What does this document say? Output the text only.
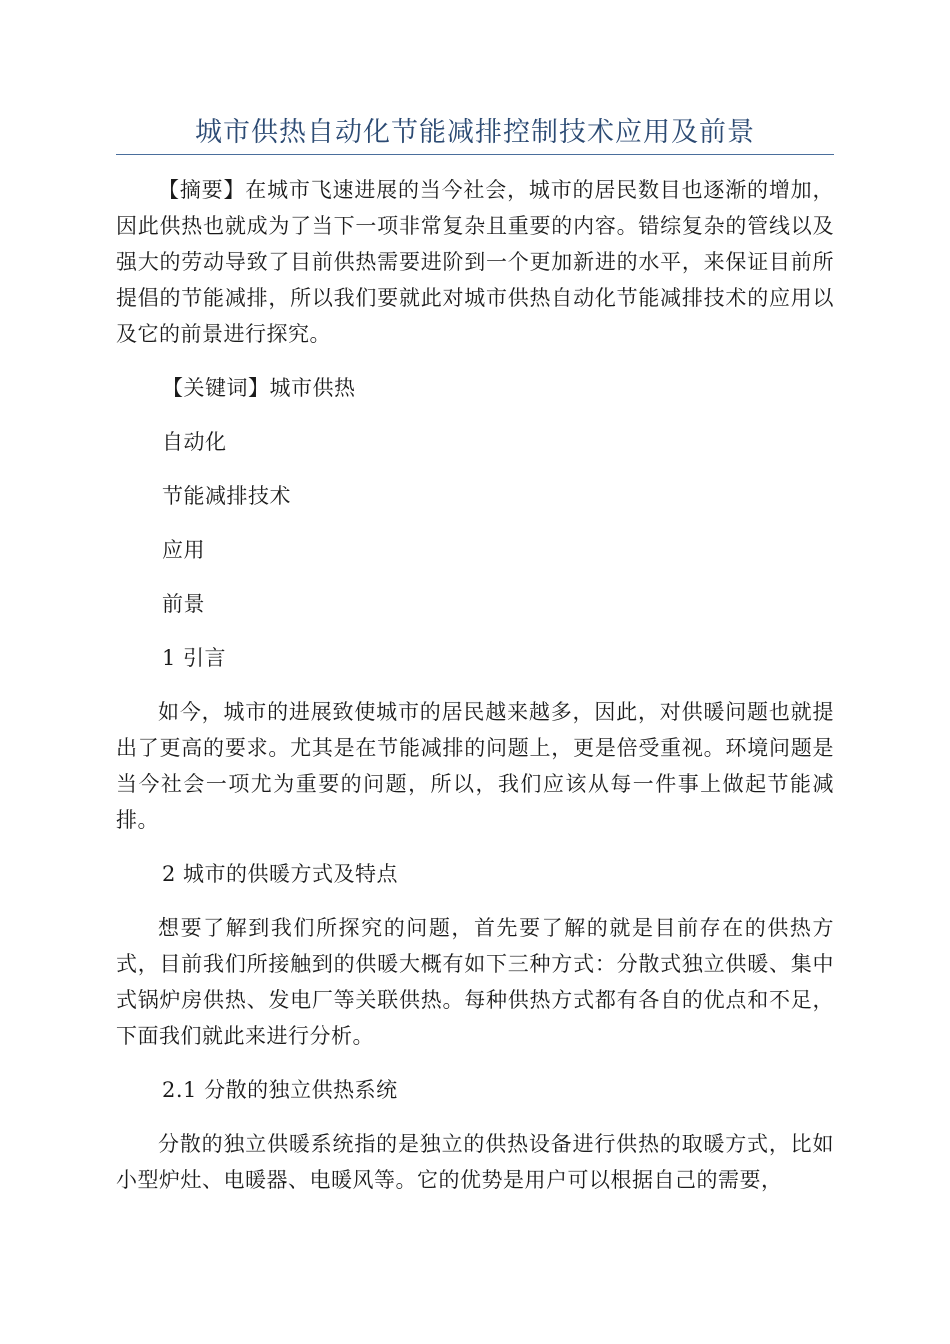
城市供热自动化节能减排控制技术应用及前景

【摘要】在城市飞速进展的当今社会，城市的居民数目也逐渐的增加，因此供热也就成为了当下一项非常复杂且重要的内容。错综复杂的管线以及强大的劳动导致了目前供热需要进阶到一个更加新进的水平，来保证目前所提倡的节能减排，所以我们要就此对城市供热自动化节能减排技术的应用以及它的前景进行探究。

【关键词】城市供热

自动化

节能减排技术

应用

前景

1 引言

如今，城市的进展致使城市的居民越来越多，因此，对供暖问题也就提出了更高的要求。尤其是在节能减排的问题上，更是倍受重视。环境问题是当今社会一项尤为重要的问题，所以，我们应该从每一件事上做起节能减排。

2 城市的供暖方式及特点

想要了解到我们所探究的问题，首先要了解的就是目前存在的供热方式，目前我们所接触到的供暖大概有如下三种方式：分散式独立供暖、集中式锅炉房供热、发电厂等关联供热。每种供热方式都有各自的优点和不足，下面我们就此来进行分析。

2.1 分散的独立供热系统

分散的独立供暖系统指的是独立的供热设备进行供热的取暖方式，比如小型炉灶、电暖器、电暖风等。它的优势是用户可以根据自己的需要，
